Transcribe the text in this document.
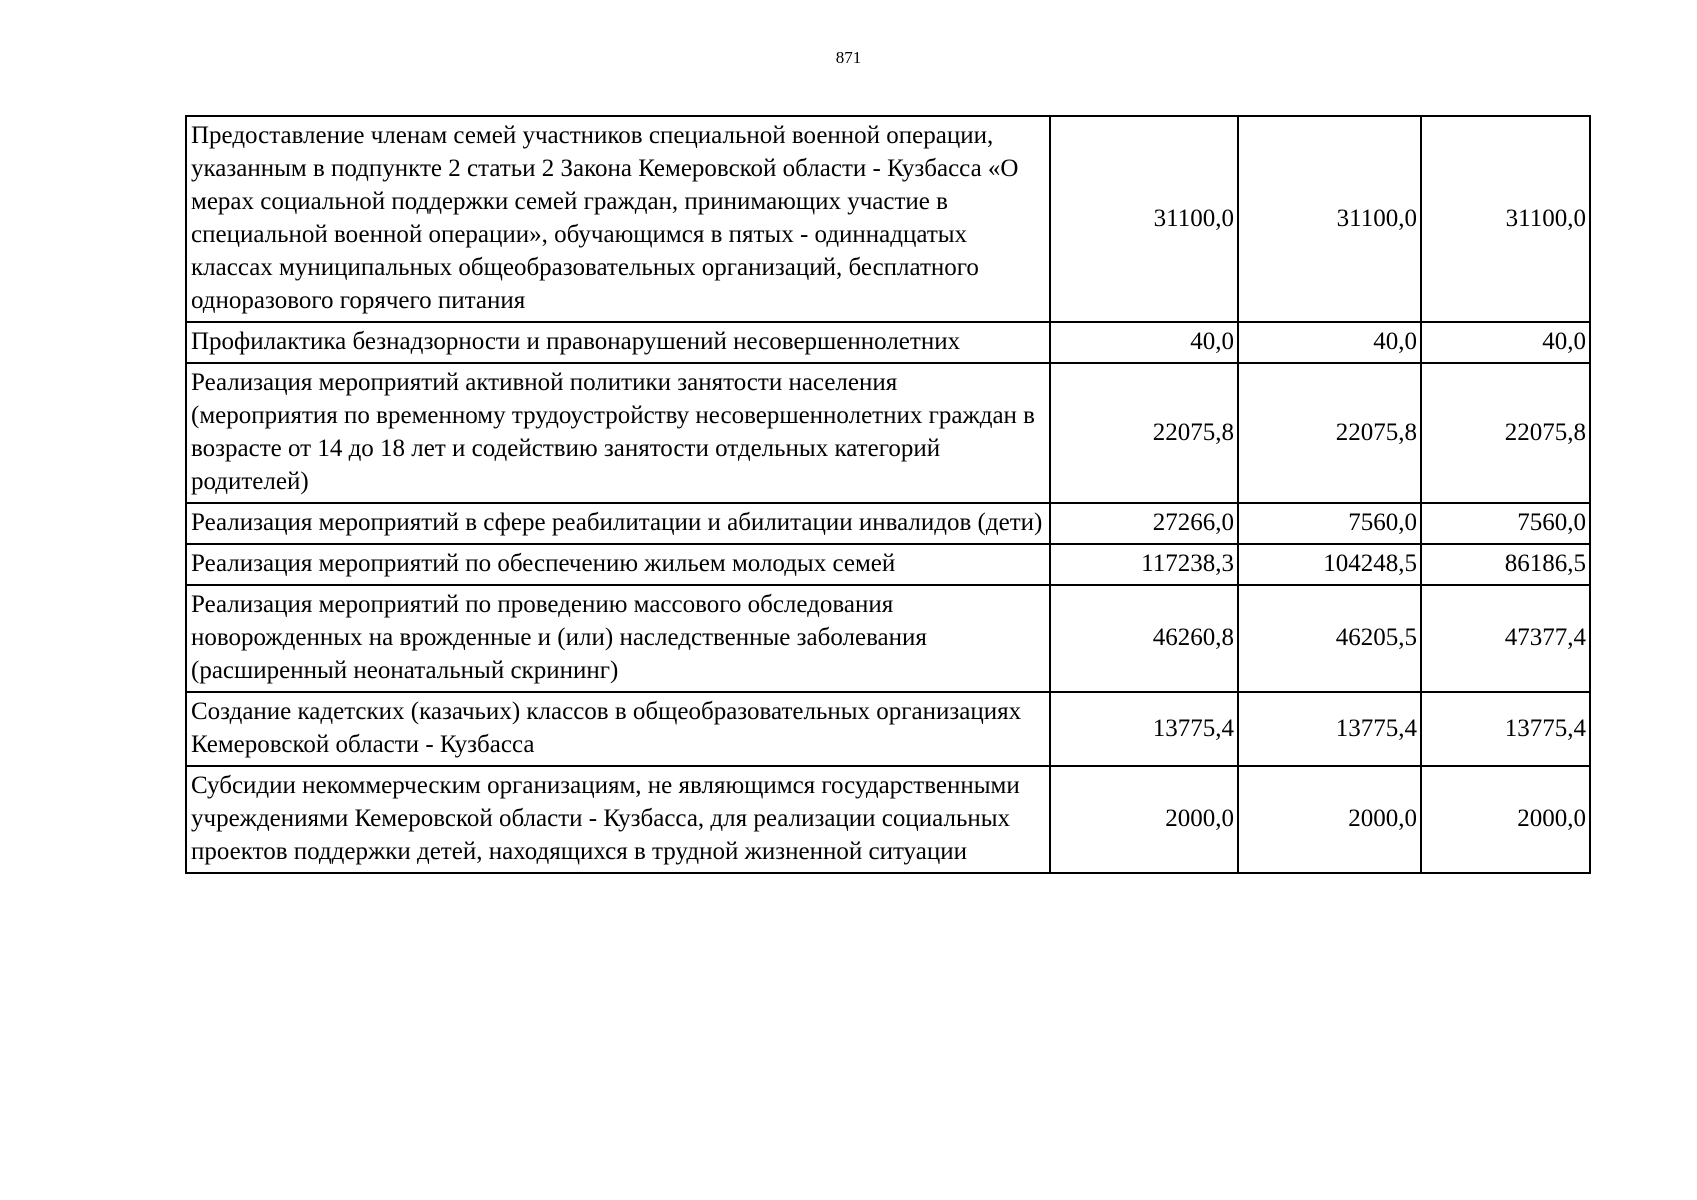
871
Предоставление членам семей участников специальной военной операции, указанным в подпункте 2 статьи 2 Закона Кемеровской области - Кузбасса «О мерах социальной поддержки семей граждан, принимающих участие в специальной военной операции», обучающимся в пятых - одиннадцатых классах муниципальных общеобразовательных организаций, бесплатного одноразового горячего питания	31100,0	31100,0	31100,0
Профилактика безнадзорности и правонарушений несовершеннолетних	40,0	40,0	40,0
Реализация мероприятий активной политики занятости населения (мероприятия по временному трудоустройству несовершеннолетних граждан в возрасте от 14 до 18 лет и содействию занятости отдельных категорий родителей)	22075,8	22075,8	22075,8
Реализация мероприятий в сфере реабилитации и абилитации инвалидов (дети)	27266,0	7560,0	7560,0
Реализация мероприятий по обеспечению жильем молодых семей	117238,3	104248,5	86186,5
Реализация мероприятий по проведению массового обследования новорожденных на врожденные и (или) наследственные заболевания (расширенный неонатальный скрининг)	46260,8	46205,5	47377,4
Создание кадетских (казачьих) классов в общеобразовательных организациях Кемеровской области - Кузбасса	13775,4	13775,4	13775,4
Субсидии некоммерческим организациям, не являющимся государственными учреждениями Кемеровской области - Кузбасса, для реализации социальных проектов поддержки детей, находящихся в трудной жизненной ситуации	2000,0	2000,0	2000,0
